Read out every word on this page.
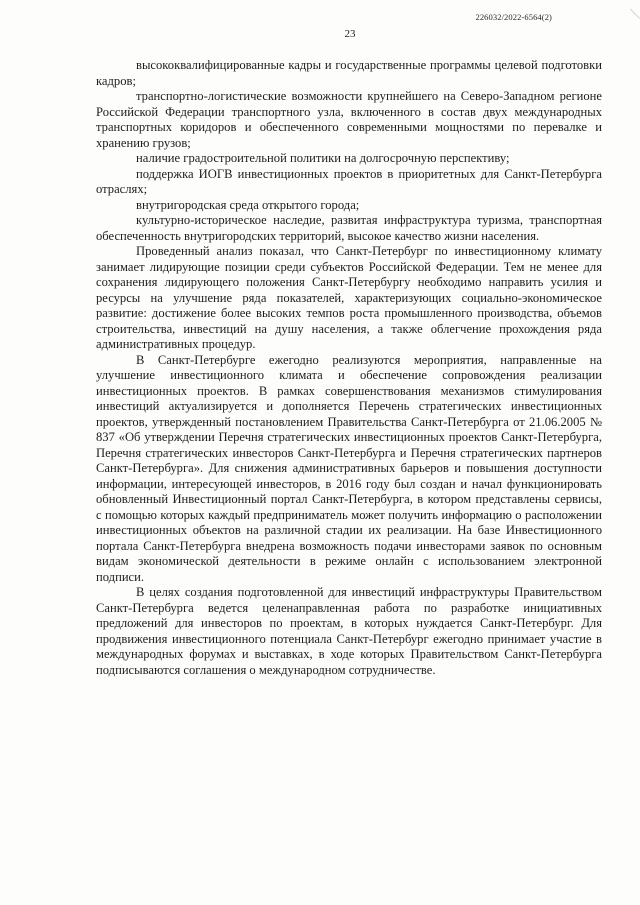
226032/2022-6564(2)
23

высококвалифицированные кадры и государственные программы целевой подготовки кадров;

транспортно-логистические возможности крупнейшего на Северо-Западном регионе Российской Федерации транспортного узла, включенного в состав двух международных транспортных коридоров и обеспеченного современными мощностями по перевалке и хранению грузов;

наличие градостроительной политики на долгосрочную перспективу;

поддержка ИОГВ инвестиционных проектов в приоритетных для Санкт-Петербурга отраслях;

внутригородская среда открытого города;

культурно-историческое наследие, развитая инфраструктура туризма, транспортная обеспеченность внутригородских территорий, высокое качество жизни населения.

Проведенный анализ показал, что Санкт-Петербург по инвестиционному климату занимает лидирующие позиции среди субъектов Российской Федерации. Тем не менее для сохранения лидирующего положения Санкт-Петербургу необходимо направить усилия и ресурсы на улучшение ряда показателей, характеризующих социально-экономическое развитие: достижение более высоких темпов роста промышленного производства, объемов строительства, инвестиций на душу населения, а также облегчение прохождения ряда административных процедур.

В Санкт-Петербурге ежегодно реализуются мероприятия, направленные на улучшение инвестиционного климата и обеспечение сопровождения реализации инвестиционных проектов. В рамках совершенствования механизмов стимулирования инвестиций актуализируется и дополняется Перечень стратегических инвестиционных проектов, утвержденный постановлением Правительства Санкт-Петербурга от 21.06.2005 № 837 «Об утверждении Перечня стратегических инвестиционных проектов Санкт-Петербурга, Перечня стратегических инвесторов Санкт-Петербурга и Перечня стратегических партнеров Санкт-Петербурга». Для снижения административных барьеров и повышения доступности информации, интересующей инвесторов, в 2016 году был создан и начал функционировать обновленный Инвестиционный портал Санкт-Петербурга, в котором представлены сервисы, с помощью которых каждый предприниматель может получить информацию о расположении инвестиционных объектов на различной стадии их реализации. На базе Инвестиционного портала Санкт-Петербурга внедрена возможность подачи инвесторами заявок по основным видам экономической деятельности в режиме онлайн с использованием электронной подписи.

В целях создания подготовленной для инвестиций инфраструктуры Правительством Санкт-Петербурга ведется целенаправленная работа по разработке инициативных предложений для инвесторов по проектам, в которых нуждается Санкт-Петербург. Для продвижения инвестиционного потенциала Санкт-Петербург ежегодно принимает участие в международных форумах и выставках, в ходе которых Правительством Санкт-Петербурга подписываются соглашения о международном сотрудничестве.
